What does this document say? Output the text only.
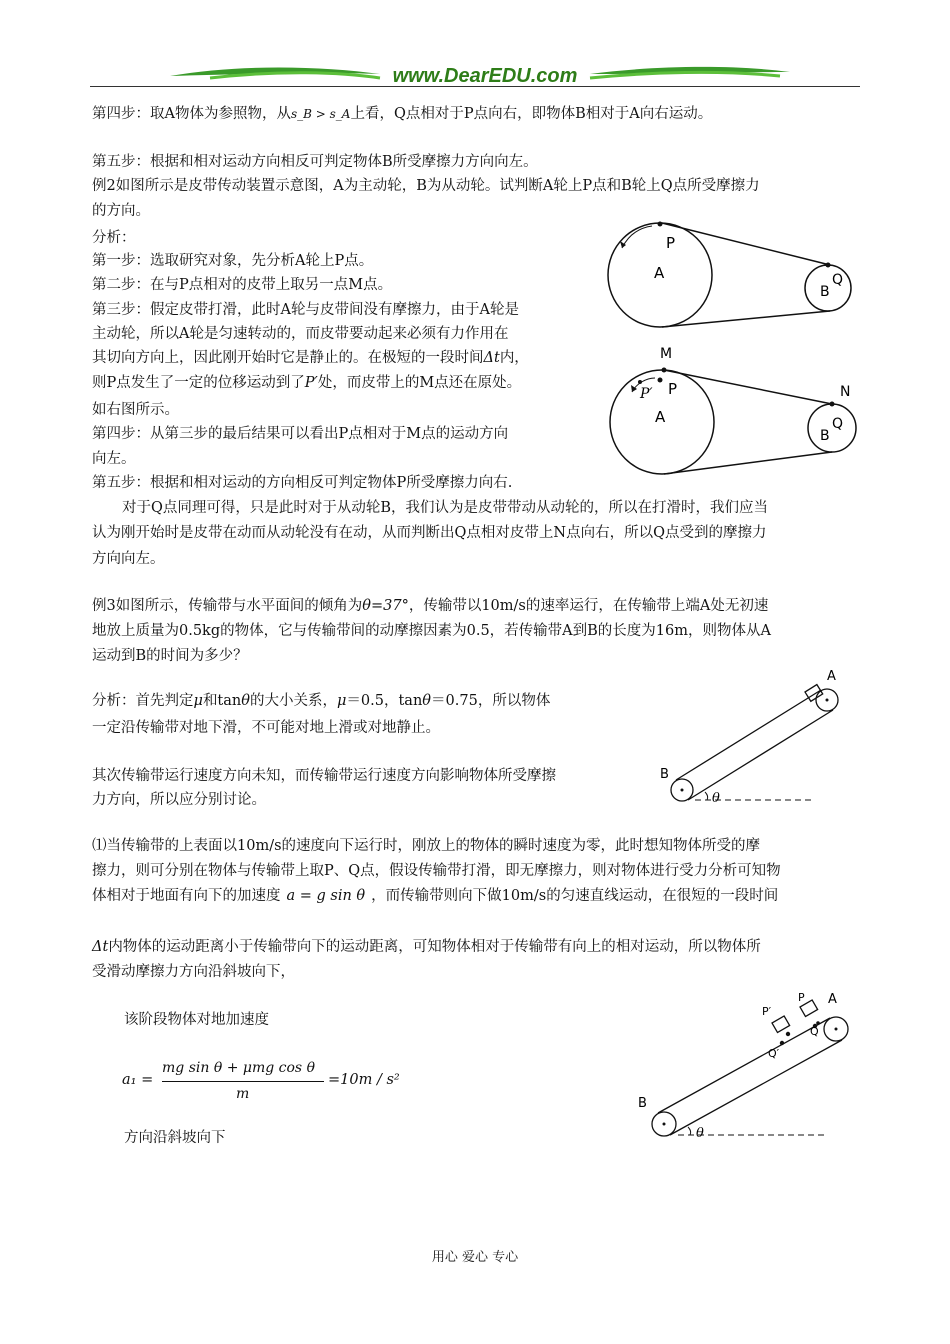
www.DearEDU.com
第四步：取A物体为参照物，从s_B > s_A上看，Q点相对于P点向右，即物体B相对于A向右运动。
第五步：根据和相对运动方向相反可判定物体B所受摩擦力方向向左。
例2如图所示是皮带传动装置示意图，A为主动轮，B为从动轮。试判断A轮上P点和B轮上Q点所受摩擦力
的方向。
分析：
第一步：选取研究对象，先分析A轮上P点。
第二步：在与P点相对的皮带上取另一点M点。
第三步：假定皮带打滑，此时A轮与皮带间没有摩擦力，由于A轮是
主动轮，所以A轮是匀速转动的，而皮带要动起来必须有力作用在
其切向方向上，因此刚开始时它是静止的。在极短的一段时间Δt内，
则P点发生了一定的位移运动到了P′处，而皮带上的M点还在原处。
如右图所示。
第四步：从第三步的最后结果可以看出P点相对于M点的运动方向
向左。
第五步：根据和相对运动的方向相反可判定物体P所受摩擦力向右.
对于Q点同理可得，只是此时对于从动轮B，我们认为是皮带带动从动轮的，所以在打滑时，我们应当
认为刚开始时是皮带在动而从动轮没有在动，从而判断出Q点相对皮带上N点向右，所以Q点受到的摩擦力
方向向左。
例3如图所示，传输带与水平面间的倾角为θ=37°，传输带以10m/s的速率运行，在传输带上端A处无初速
地放上质量为0.5kg的物体，它与传输带间的动摩擦因素为0.5，若传输带A到B的长度为16m，则物体从A
运动到B的时间为多少？
分析：首先判定μ和tanθ的大小关系，μ＝0.5，tanθ＝0.75，所以物体
一定沿传输带对地下滑，不可能对地上滑或对地静止。
其次传输带运行速度方向未知，而传输带运行速度方向影响物体所受摩擦
力方向，所以应分别讨论。
⑴当传输带的上表面以10m/s的速度向下运行时，刚放上的物体的瞬时速度为零，此时想知物体所受的摩
擦力，则可分别在物体与传输带上取P、Q点，假设传输带打滑，即无摩擦力，则对物体进行受力分析可知物
体相对于地面有向下的加速度 a = g sin θ ，而传输带则向下做10m/s的匀速直线运动，在很短的一段时间
Δt内物体的运动距离小于传输带向下的运动距离，可知物体相对于传输带有向上的相对运动，所以物体所
受滑动摩擦力方向沿斜坡向下，
该阶段物体对地加速度
a₁ =
mg sin θ + μmg cos θ
m
=10m / s²
方向沿斜坡向下
P
A
B
Q
M
P′ P
A
N
B
Q
A
B
θ
P′
P A
Q′
Q
B
θ
用心 爱心 专心
